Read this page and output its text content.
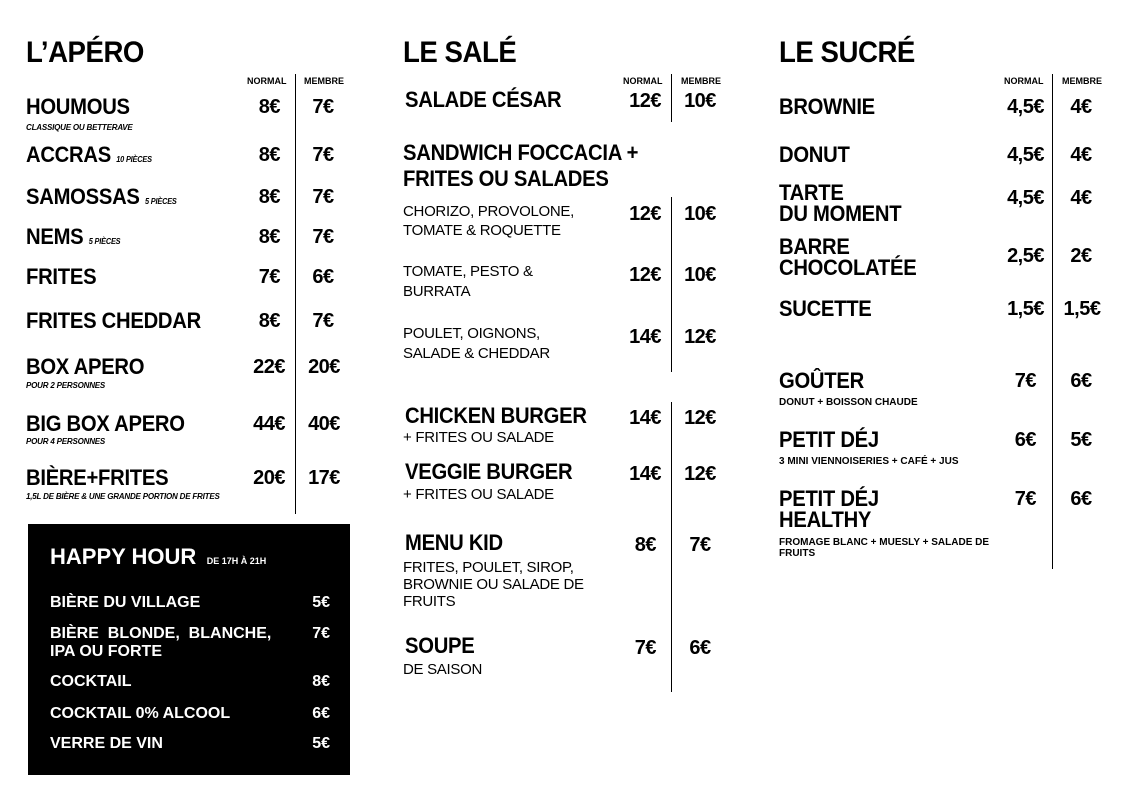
L’APÉRO
NORMAL MEMBRE
HOUMOUS
CLASSIQUE OU BETTERAVE
8€	7€
ACCRAS 10 PIÈCES	8€	7€
SAMOSSAS 5 PIÈCES	8€	7€
NEMS 5 PIÈCES	8€	7€
FRITES	7€	6€
FRITES CHEDDAR	8€	7€
BOX APERO
POUR 2 PERSONNES
22€ 20€
BIG BOX APERO
POUR 4 PERSONNES
44€ 40€
BIÈRE+FRITES
1,5L DE BIÈRE & UNE GRANDE PORTION DE FRITES
20€ 17€
HAPPY HOUR DE 17H À 21H
BIÈRE DU VILLAGE	5€
BIÈRE  BLONDE,  BLANCHE,
IPA OU FORTE
7€
COCKTAIL	8€
COCKTAIL 0% ALCOOL	6€
VERRE DE VIN	5€
LE SALÉ
NORMAL MEMBRE
SALADE CÉSAR	12€	10€
SANDWICH FOCCACIA +
FRITES OU SALADES
CHORIZO, PROVOLONE,
TOMATE & ROQUETTE
12€	10€
TOMATE, PESTO &
BURRATA
12€	10€
POULET, OIGNONS,
SALADE & CHEDDAR
14€	12€
CHICKEN BURGER
+ FRITES OU SALADE
14€	12€
VEGGIE BURGER
+ FRITES OU SALADE
14€	12€
MENU KID
FRITES, POULET, SIROP,
BROWNIE OU SALADE DE
FRUITS
8€	7€
SOUPE
DE SAISON
7€	6€
LE SUCRÉ
NORMAL MEMBRE
BROWNIE	4,5€	4€
DONUT	4,5€	4€
TARTE
DU MOMENT
4,5€	4€
BARRE
CHOCOLATÉE	2,5€	2€
SUCETTE	1,5€ 1,5€
GOÛTER
DONUT + BOISSON CHAUDE
7€	6€
PETIT DÉJ
3 MINI VIENNOISERIES + CAFÉ + JUS
6€	5€
PETIT DÉJ
HEALTHY
FROMAGE BLANC + MUESLY + SALADE DE FRUITS
7€	6€
